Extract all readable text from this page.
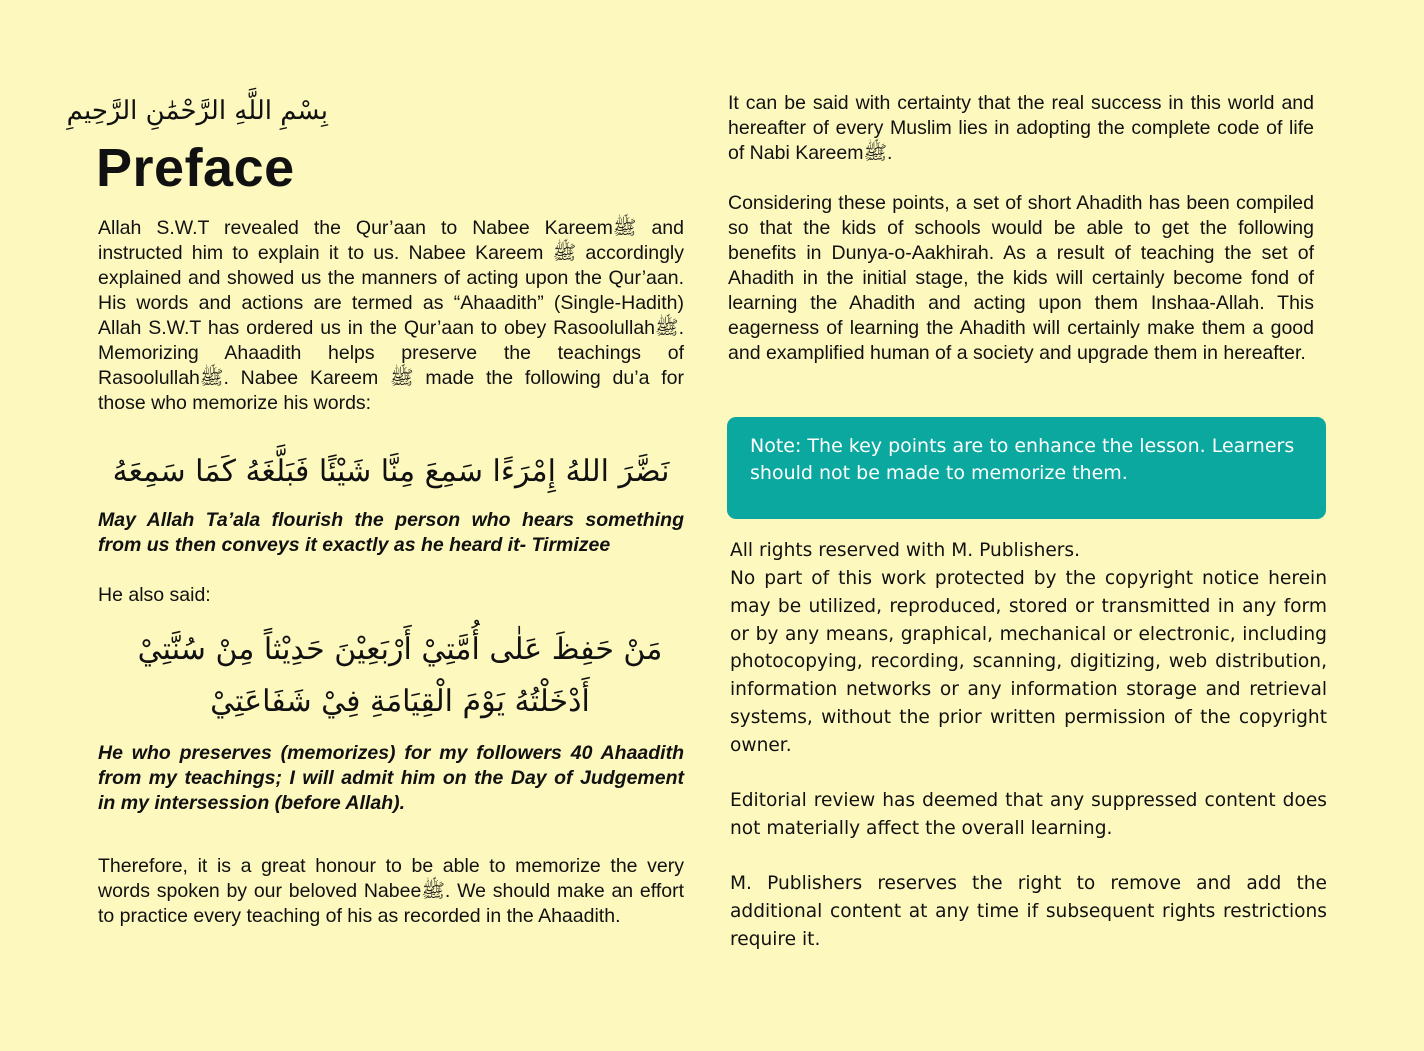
بِسْمِ اللَّهِ الرَّحْمَٰنِ الرَّحِيمِ
Preface

Allah S.W.T revealed the Qur’aan to Nabee Kareemﷺ and instructed him to explain it to us. Nabee Kareem ﷺ accordingly explained and showed us the manners of acting upon the Qur’aan. His words and actions are termed as “Ahaadith” (Single-Hadith) Allah S.W.T has ordered us in the Qur’aan to obey Rasoolullahﷺ. Memorizing Ahaadith helps preserve the teachings of Rasoolullahﷺ. Nabee Kareem ﷺ made the following du’a for those who memorize his words:

نَضَّرَ اللهُ إِمْرَءًا سَمِعَ مِنَّا شَيْئًا فَبَلَّغَهُ كَمَا سَمِعَهُ

May Allah Ta’ala flourish the person who hears something from us then conveys it exactly as he heard it- Tirmizee

He also said:

مَنْ حَفِظَ عَلٰى أُمَّتِيْ أَرْبَعِيْنَ حَدِيْثاً مِنْ سُنَّتِيْ
أَدْخَلْتُهُ يَوْمَ الْقِيَامَةِ فِيْ شَفَاعَتِيْ

He who preserves (memorizes) for my followers 40 Ahaadith from my teachings; I will admit him on the Day of Judgement in my intersession (before Allah).

Therefore, it is a great honour to be able to memorize the very words spoken by our beloved Nabeeﷺ. We should make an effort to practice every teaching of his as recorded in the Ahaadith.

It can be said with certainty that the real success in this world and hereafter of every Muslim lies in adopting the complete code of life of Nabi Kareemﷺ.

Considering these points, a set of short Ahadith has been compiled so that the kids of schools would be able to get the following benefits in Dunya-o-Aakhirah. As a result of teaching the set of Ahadith in the initial stage, the kids will certainly become fond of learning the Ahadith and acting upon them Inshaa-Allah. This eagerness of learning the Ahadith will certainly make them a good and examplified human of a society and upgrade them in hereafter.

Note: The key points are to enhance the lesson. Learners should not be made to memorize them.

All rights reserved with M. Publishers.

No part of this work protected by the copyright notice herein may be utilized, reproduced, stored or transmitted in any form or by any means, graphical, mechanical or electronic, including photocopying, recording, scanning, digitizing, web distribution, information networks or any information storage and retrieval systems, without the prior written permission of the copyright owner.

Editorial review has deemed that any suppressed content does not materially affect the overall learning.

M. Publishers reserves the right to remove and add the additional content at any time if subsequent rights restrictions require it.
